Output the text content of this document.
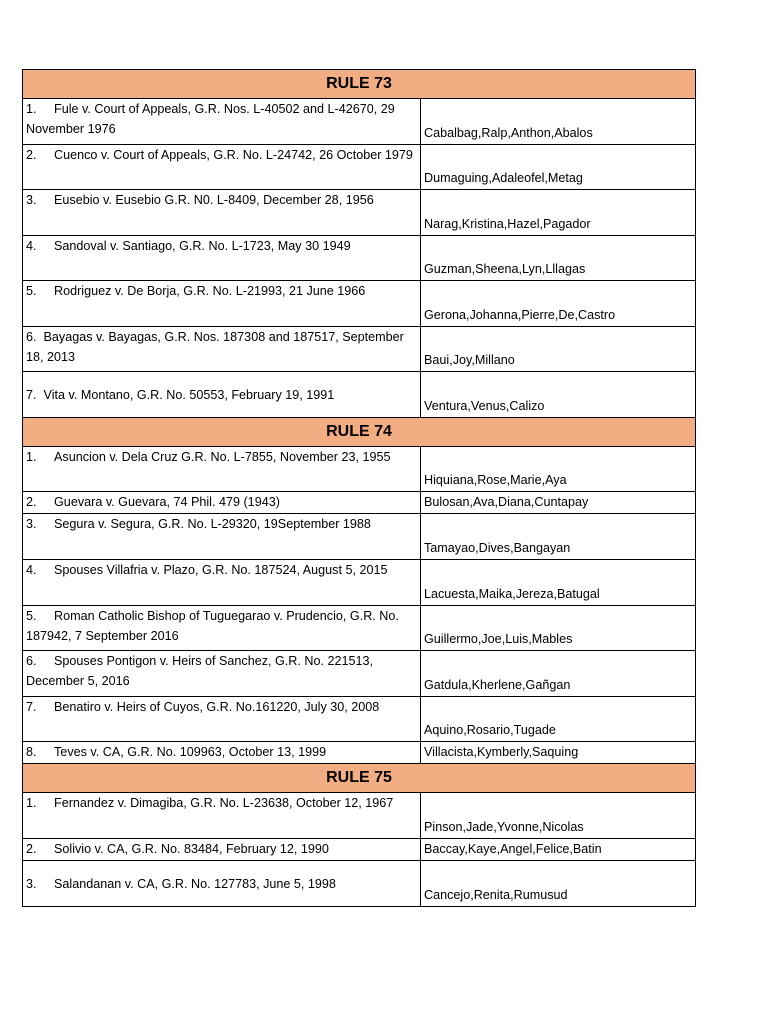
RULE 73	
1. Fule v. Court of Appeals, G.R. Nos. L-40502 and L-42670, 29 November 1976	Cabalbag,Ralp,Anthon,Abalos
2. Cuenco v. Court of Appeals, G.R. No. L-24742, 26 October 1979	Dumaguing,Adaleofel,Metag
3. Eusebio v. Eusebio G.R. N0. L-8409, December 28, 1956	Narag,Kristina,Hazel,Pagador
4. Sandoval v. Santiago, G.R. No. L-1723, May 30 1949	Guzman,Sheena,Lyn,Lllagas
5. Rodriguez v. De Borja, G.R. No. L-21993, 21 June 1966	Gerona,Johanna,Pierre,De,Castro
6. Bayagas v. Bayagas, G.R. Nos. 187308 and 187517, September 18, 2013	Baui,Joy,Millano
7. Vita v. Montano, G.R. No. 50553, February 19, 1991	Ventura,Venus,Calizo
RULE 74	
1. Asuncion v. Dela Cruz G.R. No. L-7855, November 23, 1955	Hiquiana,Rose,Marie,Aya
2. Guevara v. Guevara, 74 Phil. 479 (1943)	Bulosan,Ava,Diana,Cuntapay
3. Segura v. Segura, G.R. No. L-29320, 19September 1988	Tamayao,Dives,Bangayan
4. Spouses Villafria v. Plazo, G.R. No. 187524, August 5, 2015	Lacuesta,Maika,Jereza,Batugal
5. Roman Catholic Bishop of Tuguegarao v. Prudencio, G.R. No. 187942, 7 September 2016	Guillermo,Joe,Luis,Mables
6. Spouses Pontigon v. Heirs of Sanchez, G.R. No. 221513, December 5, 2016	Gatdula,Kherlene,Gañgan
7. Benatiro v. Heirs of Cuyos, G.R. No.161220, July 30, 2008	Aquino,Rosario,Tugade
8. Teves v. CA, G.R. No. 109963, October 13, 1999	Villacista,Kymberly,Saquing
RULE 75	
1. Fernandez v. Dimagiba, G.R. No. L-23638, October 12, 1967	Pinson,Jade,Yvonne,Nicolas
2. Solivio v. CA, G.R. No. 83484, February 12, 1990	Baccay,Kaye,Angel,Felice,Batin
3. Salandanan v. CA, G.R. No. 127783, June 5, 1998	Cancejo,Renita,Rumusud
